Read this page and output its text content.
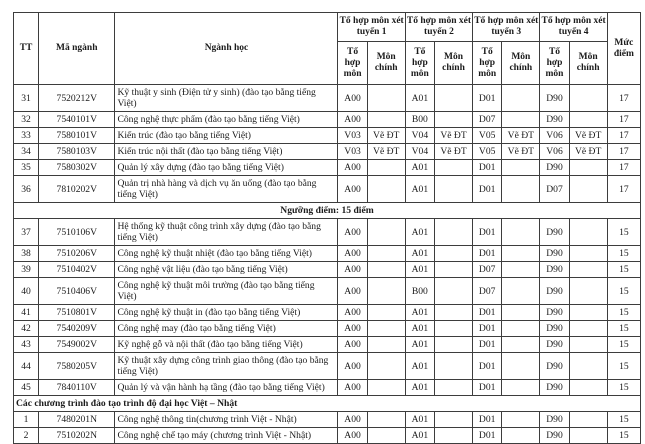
TT	Mã ngành	Ngành học	Tổ hợp môn xét tuyển 1		Tổ hợp môn xét tuyển 2		Tổ hợp môn xét tuyển 3		Tổ hợp môn xét tuyển 4		Mức điểm
			Tổ hợp môn	Môn chính	Tổ hợp môn	Môn chính	Tổ hợp môn	Môn chính	Tổ hợp môn	Môn chính	
31	7520212V	Kỹ thuật y sinh (Điện tử y sinh) (đào tạo bằng tiếng Việt)	A00		A01		D01		D90		17
32	7540101V	Công nghệ thực phẩm (đào tạo bằng tiếng Việt)	A00		B00		D07		D90		17
33	7580101V	Kiến trúc (đào tạo bằng tiếng Việt)	V03	Vẽ ĐT	V04	Vẽ ĐT	V05	Vẽ ĐT	V06	Vẽ ĐT	17
34	7580103V	Kiến trúc nội thất (đào tạo bằng tiếng Việt)	V03	Vẽ ĐT	V04	Vẽ ĐT	V05	Vẽ ĐT	V06	Vẽ ĐT	17
35	7580302V	Quản lý xây dựng (đào tạo bằng tiếng Việt)	A00		A01		D01		D90		17
36	7810202V	Quản trị nhà hàng và dịch vụ ăn uống (đào tạo bằng tiếng Việt)	A00		A01		D01		D07		17
Ngưỡng điểm: 15 điểm											
37	7510106V	Hệ thống kỹ thuật công trình xây dựng (đào tạo bằng tiếng Việt)	A00		A01		D01		D90		15
38	7510206V	Công nghệ kỹ thuật nhiệt (đào tạo bằng tiếng Việt)	A00		A01		D01		D90		15
39	7510402V	Công nghệ vật liệu (đào tạo bằng tiếng Việt)	A00		A01		D07		D90		15
40	7510406V	Công nghệ kỹ thuật môi trường (đào tạo bằng tiếng Việt)	A00		B00		D07		D90		15
41	7510801V	Công nghệ kỹ thuật in (đào tạo bằng tiếng Việt)	A00		A01		D01		D90		15
42	7540209V	Công nghệ may (đào tạo bằng tiếng Việt)	A00		A01		D01		D90		15
43	7549002V	Kỹ nghệ gỗ và nội thất (đào tạo bằng tiếng Việt)	A00		A01		D01		D90		15
44	7580205V	Kỹ thuật xây dựng công trình giao thông (đào tạo bằng tiếng Việt)	A00		A01		D01		D90		15
45	7840110V	Quản lý và vận hành hạ tầng (đào tạo bằng tiếng Việt)	A00		A01		D01		D90		15
Các chương trình đào tạo trình độ đại học Việt – Nhật											
1	7480201N	Công nghệ thông tin(chương trình Việt - Nhật)	A00		A01		D01		D90		15
2	7510202N	Công nghệ chế tạo máy (chương trình Việt - Nhật)	A00		A01		D01		D90		15
